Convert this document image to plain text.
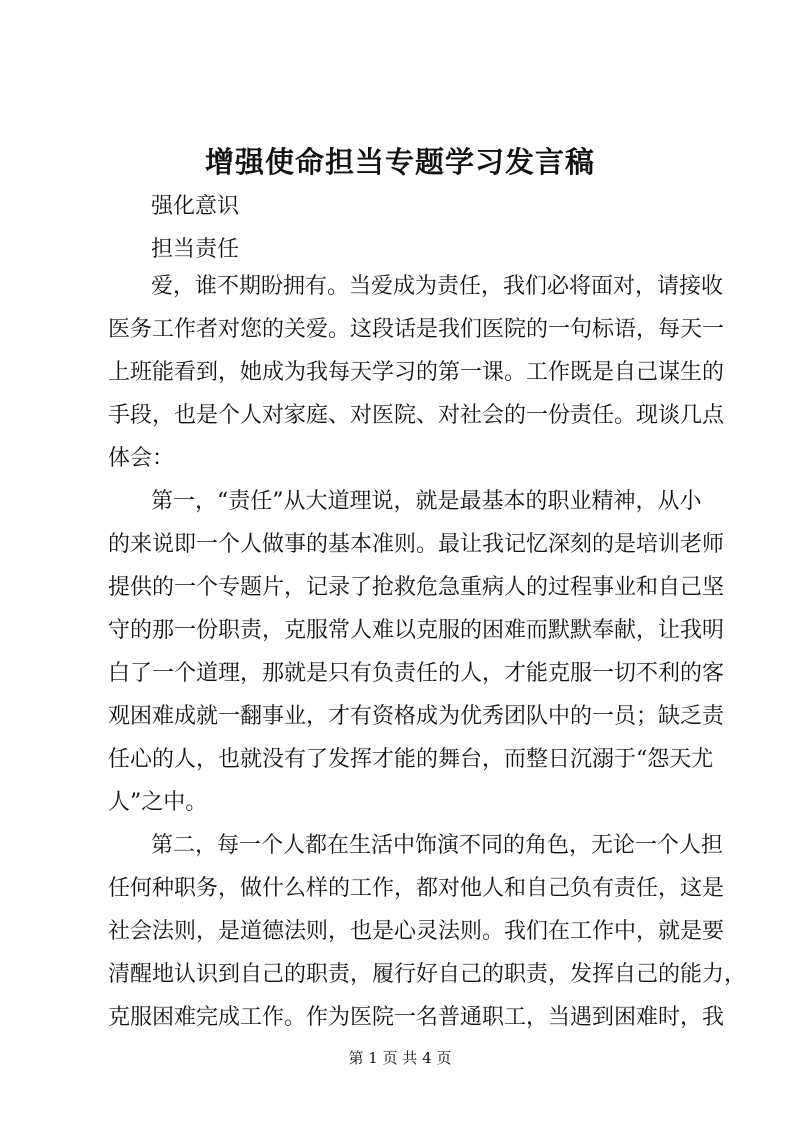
增强使命担当专题学习发言稿

强化意识

担当责任

爱，谁不期盼拥有。当爱成为责任，我们必将面对，请接收

医务工作者对您的关爱。这段话是我们医院的一句标语，每天一

上班能看到，她成为我每天学习的第一课。工作既是自己谋生的

手段，也是个人对家庭、对医院、对社会的一份责任。现谈几点

体会：

第一，“责任”从大道理说，就是最基本的职业精神，从小

的来说即一个人做事的基本准则。最让我记忆深刻的是培训老师

提供的一个专题片，记录了抢救危急重病人的过程事业和自己坚

守的那一份职责，克服常人难以克服的困难而默默奉献，让我明

白了一个道理，那就是只有负责任的人，才能克服一切不利的客

观困难成就一翻事业，才有资格成为优秀团队中的一员；缺乏责

任心的人，也就没有了发挥才能的舞台，而整日沉溺于“怨天尤

人”之中。

第二，每一个人都在生活中饰演不同的角色，无论一个人担

任何种职务，做什么样的工作，都对他人和自己负有责任，这是

社会法则，是道德法则，也是心灵法则。我们在工作中，就是要

清醒地认识到自己的职责，履行好自己的职责，发挥自己的能力，

克服困难完成工作。作为医院一名普通职工，当遇到困难时，我

第 1 页 共 4 页
